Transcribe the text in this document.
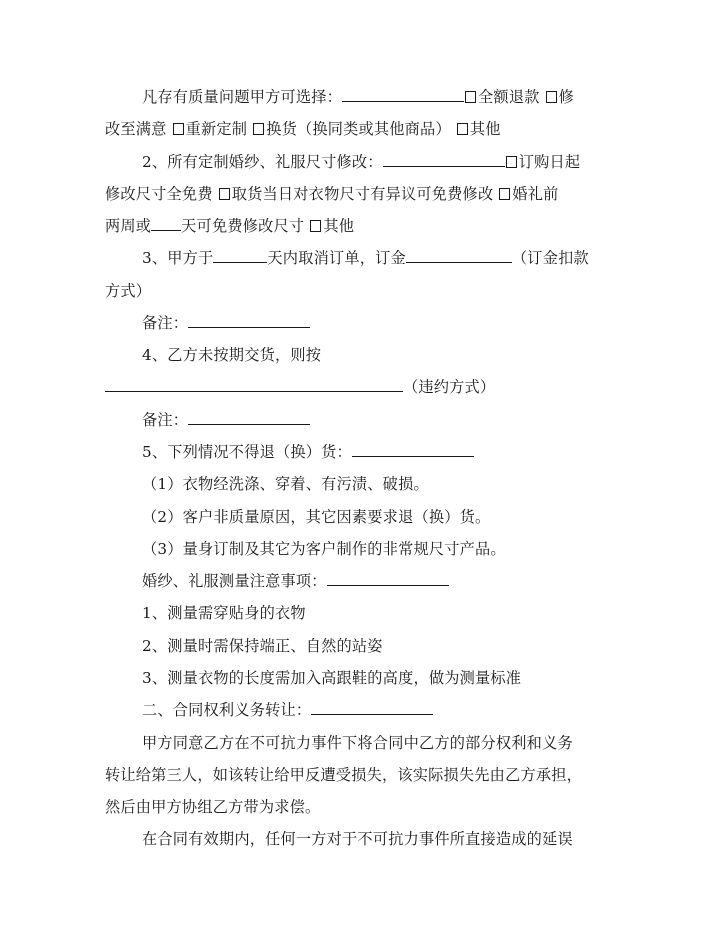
凡存有质量问题甲方可选择：	全额退款 修
改至满意 重新定制 换货（换同类或其他商品） 其他
2、所有定制婚纱、礼服尺寸修改：	订购日起
修改尺寸全免费 取货当日对衣物尺寸有异议可免费修改 婚礼前
两周或 天可免费修改尺寸 其他
3、甲方于	天内取消订单，订金	（订金扣款
方式）
备注：
4、乙方未按期交货，则按
（违约方式）
备注：
5、下列情况不得退（换）货：
（1）衣物经洗涤、穿着、有污渍、破损。
（2）客户非质量原因，其它因素要求退（换）货。
（3）量身订制及其它为客户制作的非常规尺寸产品。
婚纱、礼服测量注意事项：
1、测量需穿贴身的衣物
2、测量时需保持端正、自然的站姿
3、测量衣物的长度需加入高跟鞋的高度，做为测量标准
二、合同权利义务转让：
甲方同意乙方在不可抗力事件下将合同中乙方的部分权利和义务
转让给第三人，如该转让给甲反遭受损失，该实际损失先由乙方承担，
然后由甲方协组乙方带为求偿。
在合同有效期内，任何一方对于不可抗力事件所直接造成的延误
